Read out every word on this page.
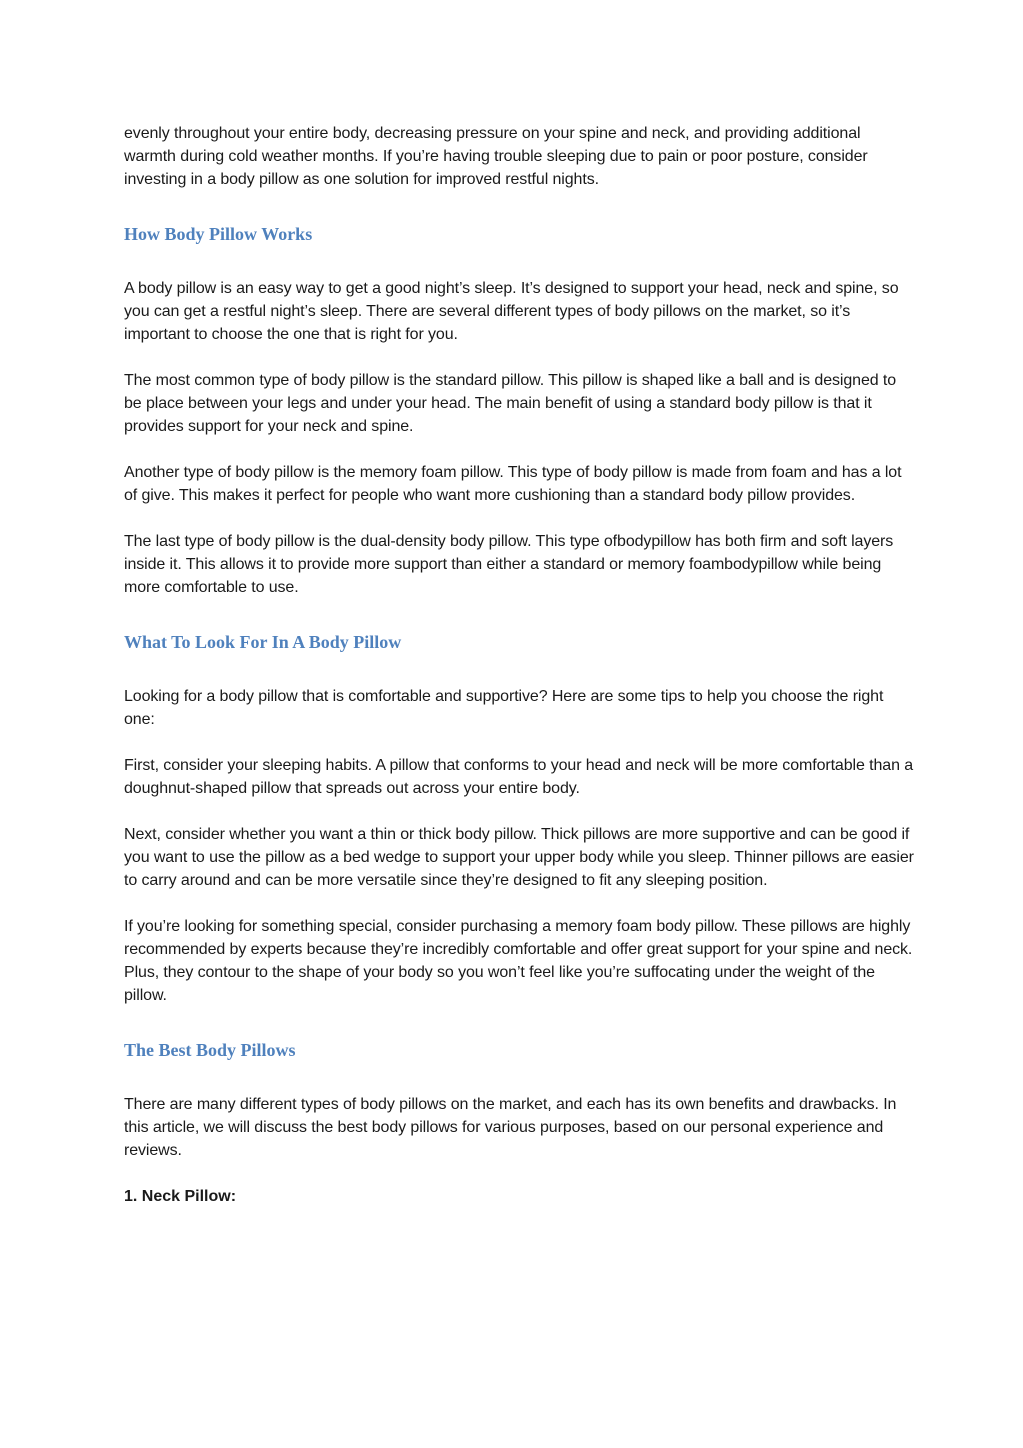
evenly throughout your entire body, decreasing pressure on your spine and neck, and providing additional warmth during cold weather months. If you’re having trouble sleeping due to pain or poor posture, consider investing in a body pillow as one solution for improved restful nights.

How Body Pillow Works

A body pillow is an easy way to get a good night’s sleep. It’s designed to support your head, neck and spine, so you can get a restful night’s sleep. There are several different types of body pillows on the market, so it’s important to choose the one that is right for you.

The most common type of body pillow is the standard pillow. This pillow is shaped like a ball and is designed to be place between your legs and under your head. The main benefit of using a standard body pillow is that it provides support for your neck and spine.

Another type of body pillow is the memory foam pillow. This type of body pillow is made from foam and has a lot of give. This makes it perfect for people who want more cushioning than a standard body pillow provides.

The last type of body pillow is the dual-density body pillow. This type ofbodypillow has both firm and soft layers inside it. This allows it to provide more support than either a standard or memory foambodypillow while being more comfortable to use.

What To Look For In A Body Pillow

Looking for a body pillow that is comfortable and supportive? Here are some tips to help you choose the right one:

First, consider your sleeping habits. A pillow that conforms to your head and neck will be more comfortable than a doughnut-shaped pillow that spreads out across your entire body.

Next, consider whether you want a thin or thick body pillow. Thick pillows are more supportive and can be good if you want to use the pillow as a bed wedge to support your upper body while you sleep. Thinner pillows are easier to carry around and can be more versatile since they’re designed to fit any sleeping position.

If you’re looking for something special, consider purchasing a memory foam body pillow. These pillows are highly recommended by experts because they’re incredibly comfortable and offer great support for your spine and neck. Plus, they contour to the shape of your body so you won’t feel like you’re suffocating under the weight of the pillow.

The Best Body Pillows

There are many different types of body pillows on the market, and each has its own benefits and drawbacks. In this article, we will discuss the best body pillows for various purposes, based on our personal experience and reviews.

1. Neck Pillow:
